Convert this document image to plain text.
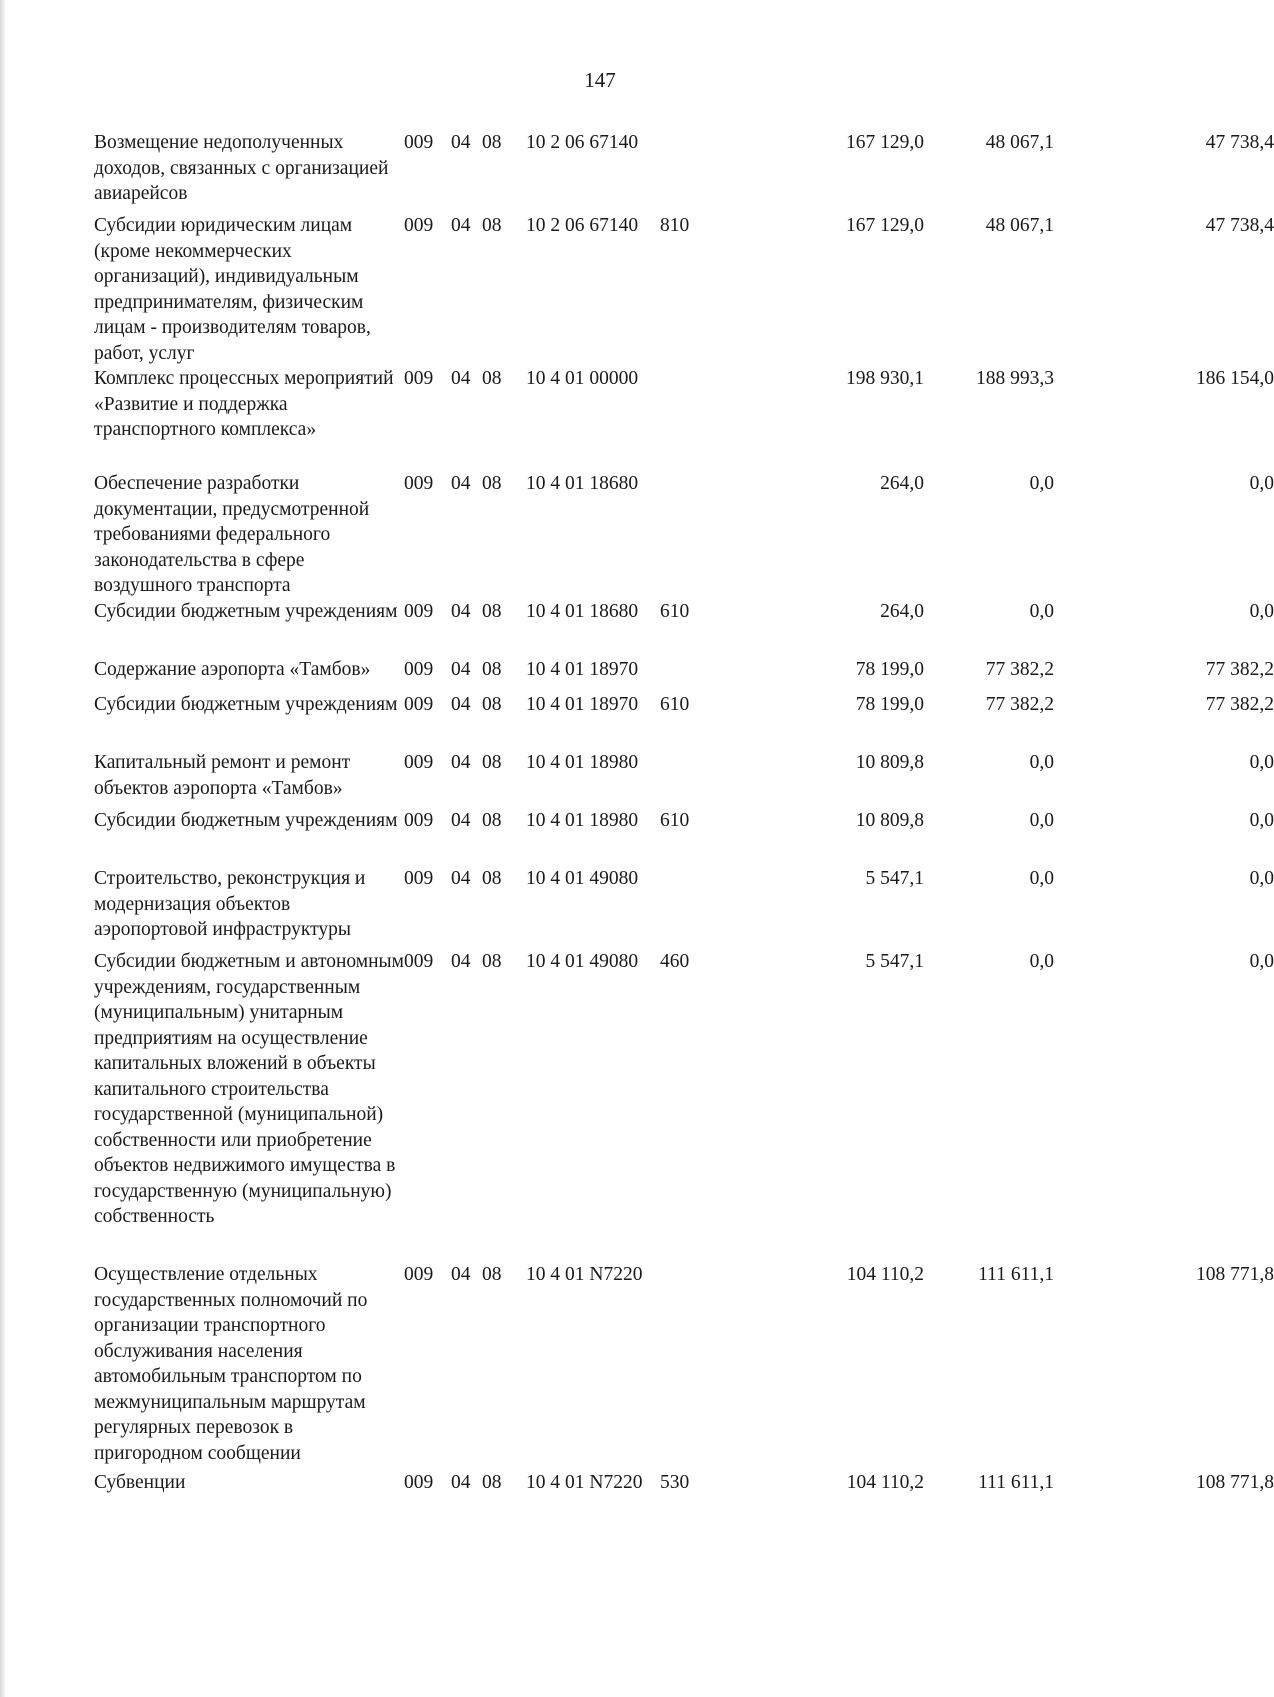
147
Возмещение недополученных доходов, связанных с организацией авиарейсов
009 04 08	10 2 06 67140	167 129,0	48 067,1	47 738,4
Субсидии юридическим лицам (кроме некоммерческих организаций), индивидуальным предпринимателям, физическим лицам - производителям товаров, работ, услуг
009 04 08	10 2 06 67140	810	167 129,0	48 067,1	47 738,4
Комплекс процессных мероприятий «Развитие и поддержка транспортного комплекса»
009 04 08	10 4 01 00000	198 930,1	188 993,3	186 154,0
Обеспечение разработки документации, предусмотренной требованиями федерального законодательства в сфере воздушного транспорта
009 04 08	10 4 01 18680	264,0	0,0	0,0
Субсидии бюджетным учреждениям 009 04 08	10 4 01 18680	610	264,0	0,0	0,0
Содержание аэропорта «Тамбов»	009 04 08	10 4 01 18970	78 199,0	77 382,2	77 382,2
Субсидии бюджетным учреждениям 009 04 08	10 4 01 18970	610	78 199,0	77 382,2	77 382,2
Капитальный ремонт и ремонт объектов аэропорта «Тамбов»
009 04 08	10 4 01 18980	10 809,8	0,0	0,0
Субсидии бюджетным учреждениям 009 04 08	10 4 01 18980	610	10 809,8	0,0	0,0
Строительство, реконструкция и модернизация объектов аэропортовой инфраструктуры
009 04 08	10 4 01 49080	5 547,1	0,0	0,0
Субсидии бюджетным и автономным учреждениям, государственным (муниципальным) унитарным предприятиям на осуществление капитальных вложений в объекты капитального строительства государственной (муниципальной) собственности или приобретение объектов недвижимого имущества в государственную (муниципальную) собственность
009 04 08	10 4 01 49080	460	5 547,1	0,0	0,0
Осуществление отдельных государственных полномочий по организации транспортного обслуживания населения автомобильным транспортом по межмуниципальным маршрутам регулярных перевозок в пригородном сообщении
009 04 08	10 4 01 N7220	104 110,2	111 611,1	108 771,8
Субвенции	009 04 08	10 4 01 N7220 530	104 110,2	111 611,1	108 771,8
